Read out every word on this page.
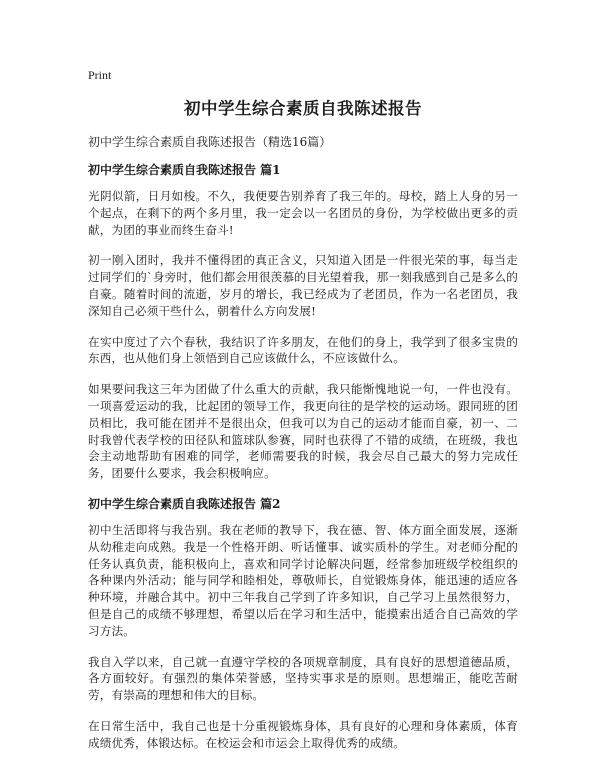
Print
初中学生综合素质自我陈述报告
初中学生综合素质自我陈述报告（精选16篇）
初中学生综合素质自我陈述报告 篇1

光阴似箭，日月如梭。不久，我便要告别养育了我三年的。母校，踏上人身的另一个起点，在剩下的两个多月里，我一定会以一名团员的身份，为学校做出更多的贡献，为团的事业而终生奋斗!

初一刚入团时，我并不懂得团的真正含义，只知道入团是一件很光荣的事，每当走过同学们的`身旁时，他们都会用很羡慕的目光望着我，那一刻我感到自己是多么的自豪。随着时间的流逝，岁月的增长，我已经成为了老团员，作为一名老团员，我深知自己必须干些什么，朝着什么方向发展!

在实中度过了六个春秋，我结识了许多朋友，在他们的身上，我学到了很多宝贵的东西，也从他们身上领悟到自己应该做什么，不应该做什么。

如果要问我这三年为团做了什么重大的贡献，我只能惭愧地说一句，一件也没有。一项喜爱运动的我，比起团的领导工作，我更向往的是学校的运动场。跟同班的团员相比，我可能在团并不是很出众，但我可以为自己的运动才能而自豪，初一、二时我曾代表学校的田径队和篮球队参赛，同时也获得了不错的成绩，在班级，我也会主动地帮助有困难的同学，老师需要我的时候，我会尽自己最大的努力完成任务，团要什么要求，我会积极响应。

初中学生综合素质自我陈述报告 篇2

初中生活即将与我告别。我在老师的教导下，我在德、智、体方面全面发展，逐渐从幼稚走向成熟。我是一个性格开朗、听话懂事、诚实质朴的学生。对老师分配的任务认真负责，能积极向上，喜欢和同学讨论解决问题，经常参加班级学校组织的各种课内外活动；能与同学和睦相处，尊敬师长，自觉锻炼身体，能迅速的适应各种环境，并融合其中。初中三年我自己学到了许多知识，自己学习上虽然很努力，但是自己的成绩不够理想，希望以后在学习和生活中，能摸索出适合自己高效的学习方法。

我自入学以来，自己就一直遵守学校的各项规章制度，具有良好的思想道德品质，各方面较好。有强烈的集体荣誉感，坚持实事求是的原则。思想端正，能吃苦耐劳，有崇高的理想和伟大的目标。

在日常生活中，我自己也是十分重视锻炼身体，具有良好的心理和身体素质，体育成绩优秀，体锻达标。在校运会和市运会上取得优秀的成绩。
